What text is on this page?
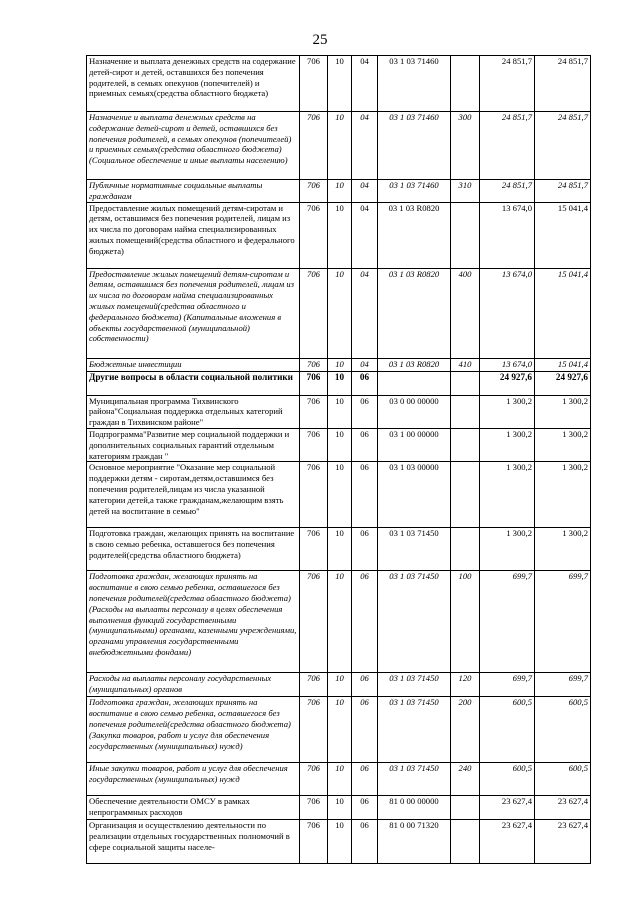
25
Назначение и выплата денежных средств на содержание детей-сирот и детей, оставшихся без попечения родителей, в семьях опекунов (попечителей) и приемных семьях(средства областного бюджета)	706	10	04	03 1 03 71460		24 851,7	24 851,7
Назначение и выплата денежных средств на содержание детей-сирот и детей, оставшихся без попечения родителей, в семьях опекунов (попечителей) и приемных семьях(средства областного бюджета) (Социальное обеспечение и иные выплаты населению)	706	10	04	03 1 03 71460	300	24 851,7	24 851,7
Публичные нормативные социальные выплаты гражданам	706	10	04	03 1 03 71460	310	24 851,7	24 851,7
Предоставление жилых помещений детям-сиротам и детям, оставшимся без попечения родителей, лицам из их числа по договорам найма специализированных жилых помещений(средства областного и федерального бюджета)	706	10	04	03 1 03 R0820		13 674,0	15 041,4
Предоставление жилых помещений детям-сиротам и детям, оставшимся без попечения родителей, лицам из их числа по договорам найма специализированных жилых помещений(средства областного и федерального бюджета) (Капитальные вложения в объекты государственной (муниципальной) собственности)	706	10	04	03 1 03 R0820	400	13 674,0	15 041,4
Бюджетные инвестиции	706	10	04	03 1 03 R0820	410	13 674,0	15 041,4
Другие вопросы в области социальной политики	706	10	06			24 927,6	24 927,6
Муниципальная программа Тихвинского района"Социальная поддержка отдельных категорий граждан в Тихвинском районе"	706	10	06	03 0 00 00000		1 300,2	1 300,2
Подпрограмма"Развитие мер социальной поддержки и дополнительных социальных гарантий отдельным категориям граждан "	706	10	06	03 1 00 00000		1 300,2	1 300,2
Основное мероприятие "Оказание мер социальной поддержки детям - сиротам,детям,оставшимся без попечения родителей,лицам из числа указанной категории детей,а также гражданам,желающим взять детей на воспитание в семью"	706	10	06	03 1 03 00000		1 300,2	1 300,2
Подготовка граждан, желающих принять на воспитание в свою семью ребенка, оставшегося без попечения родителей(средства областного бюджета)	706	10	06	03 1 03 71450		1 300,2	1 300,2
Подготовка граждан, желающих принять на воспитание в свою семью ребенка, оставшегося без попечения родителей(средства областного бюджета) (Расходы на выплаты персоналу в целях обеспечения выполнения функций государственными (муниципальными) органами, казенными учреждениями, органами управления государственными внебюджетными фондами)	706	10	06	03 1 03 71450	100	699,7	699,7
Расходы на выплаты персоналу государственных (муниципальных) органов	706	10	06	03 1 03 71450	120	699,7	699,7
Подготовка граждан, желающих принять на воспитание в свою семью ребенка, оставшегося без попечения родителей(средства областного бюджета) (Закупка товаров, работ и услуг для обеспечения государственных (муниципальных) нужд)	706	10	06	03 1 03 71450	200	600,5	600,5
Иные закупки товаров, работ и услуг для обеспечения государственных (муниципальных) нужд	706	10	06	03 1 03 71450	240	600,5	600,5
Обеспечение деятельности ОМСУ в рамках непрограммных расходов	706	10	06	81 0 00 00000		23 627,4	23 627,4
Организация и осуществлению деятельности по реализации отдельных государственных полномочий в сфере социальной защиты населе-	706	10	06	81 0 00 71320		23 627,4	23 627,4
